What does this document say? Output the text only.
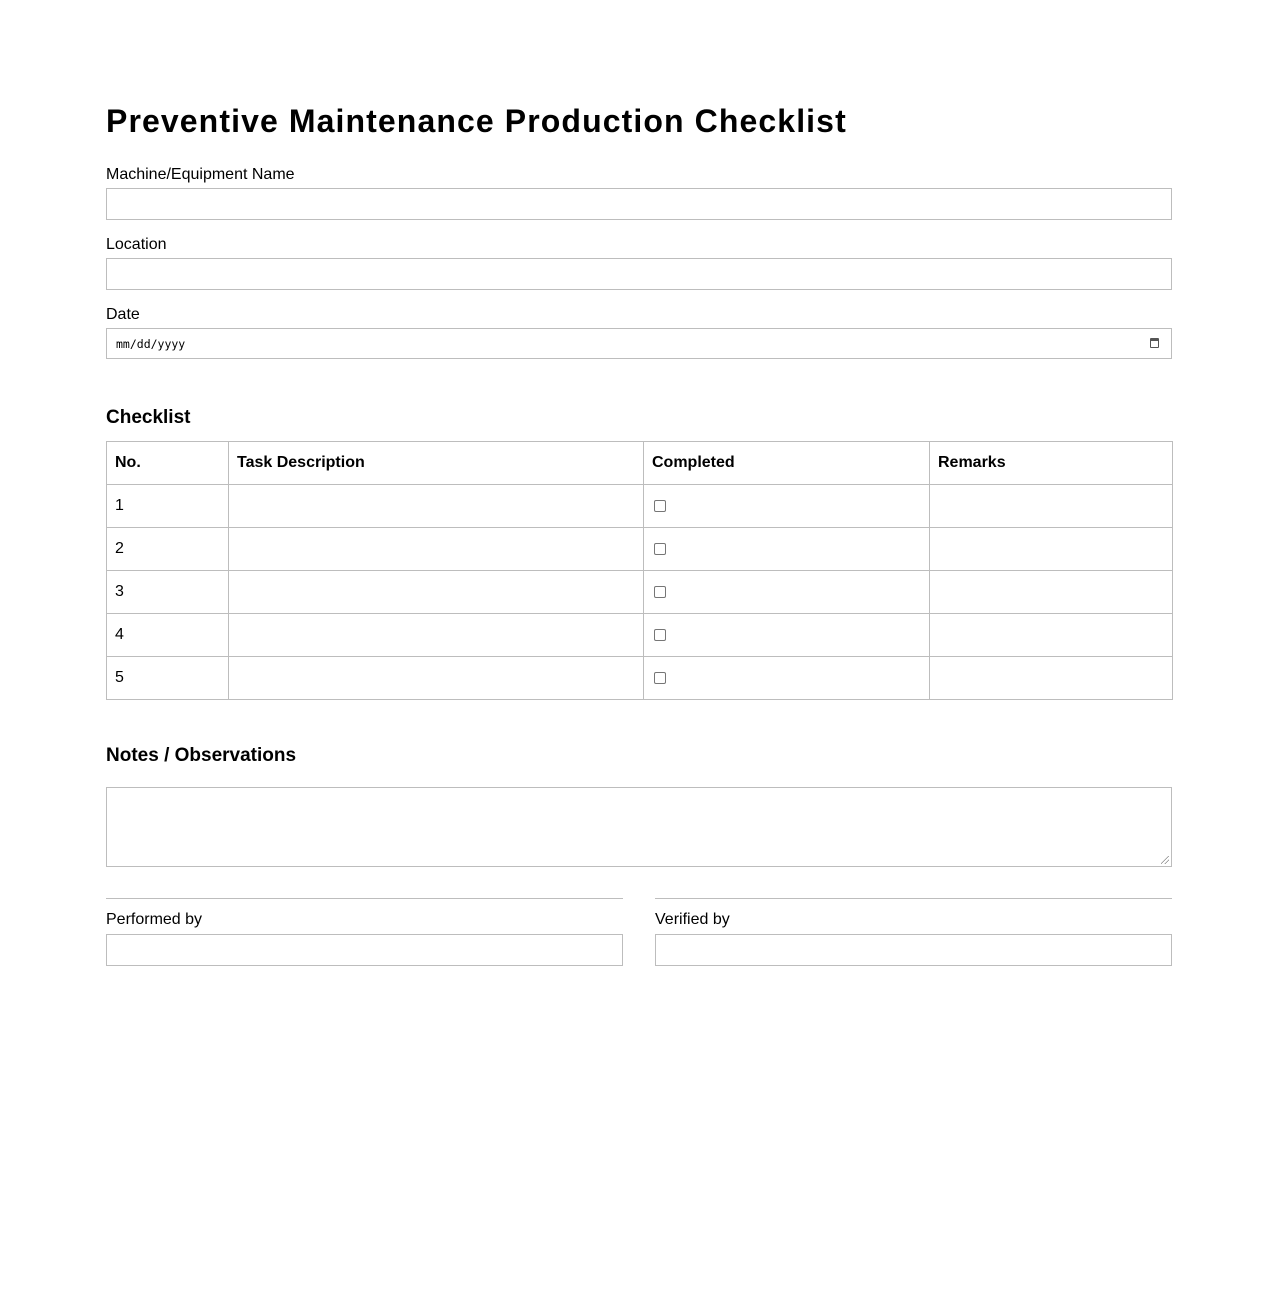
Preventive Maintenance Production Checklist
Machine/Equipment Name
Location
Date
mm/dd/yyyy
Checklist
No.	Task Description	Completed	Remarks
1			
2			
3			
4			
5			
Notes / Observations
Performed by	Verified by
